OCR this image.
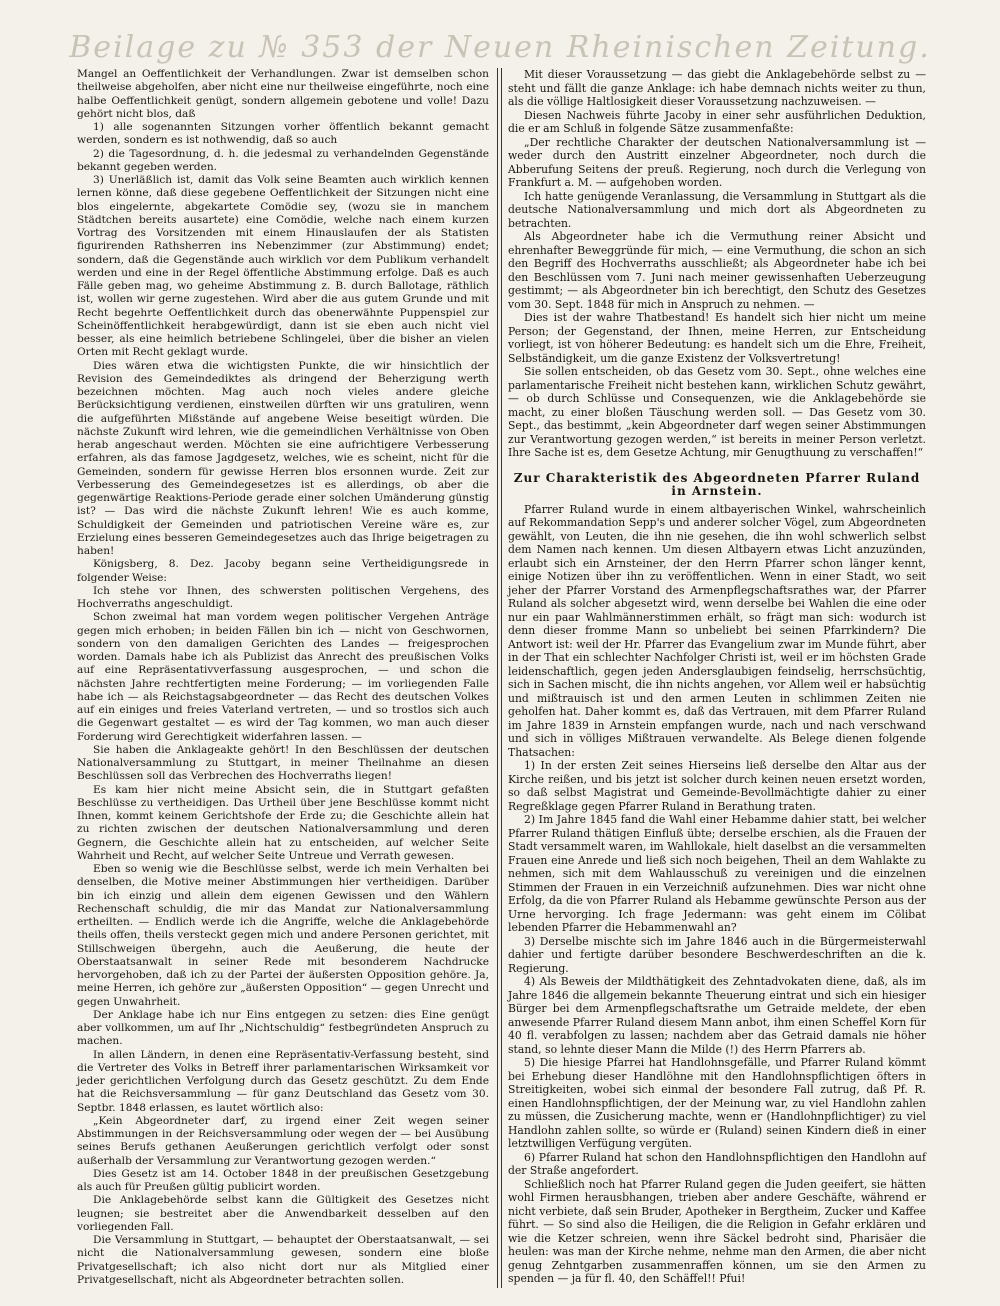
Beilage zu № 353 der Neuen Rheinischen Zeitung.

Mangel an Oeffentlichkeit der Verhandlungen. Zwar ist demselben schon theilweise abgeholfen, aber nicht eine nur theilweise eingeführte, noch eine halbe Oeffentlichkeit genügt, sondern allgemein gebotene und volle! Dazu gehört nicht blos, daß

1) alle sogenannten Sitzungen vorher öffentlich bekannt gemacht werden, sondern es ist nothwendig, daß so auch

2) die Tagesordnung, d. h. die jedesmal zu verhandelnden Gegenstände bekannt gegeben werden.

3) Unerläßlich ist, damit das Volk seine Beamten auch wirklich kennen lernen könne, daß diese gegebene Oeffentlichkeit der Sitzungen nicht eine blos eingelernte, abgekartete Comödie sey, (wozu sie in manchem Städtchen bereits ausartete) eine Comödie, welche nach einem kurzen Vortrag des Vorsitzenden mit einem Hinauslaufen der als Statisten figurirenden Rathsherren ins Nebenzimmer (zur Abstimmung) endet; sondern, daß die Gegenstände auch wirklich vor dem Publikum verhandelt werden und eine in der Regel öffentliche Abstimmung erfolge. Daß es auch Fälle geben mag, wo geheime Abstimmung z. B. durch Ballotage, räthlich ist, wollen wir gerne zugestehen. Wird aber die aus gutem Grunde und mit Recht begehrte Oeffentlichkeit durch das obenerwähnte Puppenspiel zur Scheinöffentlichkeit herabgewürdigt, dann ist sie eben auch nicht viel besser, als eine heimlich betriebene Schlingelei, über die bisher an vielen Orten mit Recht geklagt wurde.

Dies wären etwa die wichtigsten Punkte, die wir hinsichtlich der Revision des Gemeindediktes als dringend der Beherzigung werth bezeichnen möchten. Mag auch noch vieles andere gleiche Berücksichtigung verdienen, einstweilen dürften wir uns gratuliren, wenn die aufgeführten Mißstände auf angebene Weise beseitigt würden. Die nächste Zukunft wird lehren, wie die gemeindlichen Verhältnisse von Oben herab angeschaut werden. Möchten sie eine aufrichtigere Verbesserung erfahren, als das famose Jagdgesetz, welches, wie es scheint, nicht für die Gemeinden, sondern für gewisse Herren blos ersonnen wurde. Zeit zur Verbesserung des Gemeindegesetzes ist es allerdings, ob aber die gegenwärtige Reaktions-Periode gerade einer solchen Umänderung günstig ist? — Das wird die nächste Zukunft lehren! Wie es auch komme, Schuldigkeit der Gemeinden und patriotischen Vereine wäre es, zur Erzielung eines besseren Gemeindegesetzes auch das Ihrige beigetragen zu haben!

Königsberg, 8. Dez. Jacoby begann seine Vertheidigungsrede in folgender Weise:

Ich stehe vor Ihnen, des schwersten politischen Vergehens, des Hochverraths angeschuldigt.

Schon zweimal hat man vordem wegen politischer Vergehen Anträge gegen mich erhoben; in beiden Fällen bin ich — nicht von Geschwornen, sondern von den damaligen Gerichten des Landes — freigesprochen worden. Damals habe ich als Publizist das Anrecht des preußischen Volks auf eine Repräsentativverfassung ausgesprochen, — und schon die nächsten Jahre rechtfertigten meine Forderung; — im vorliegenden Falle habe ich — als Reichstagsabgeordneter — das Recht des deutschen Volkes auf ein einiges und freies Vaterland vertreten, — und so trostlos sich auch die Gegenwart gestaltet — es wird der Tag kommen, wo man auch dieser Forderung wird Gerechtigkeit widerfahren lassen. —

Sie haben die Anklageakte gehört! In den Beschlüssen der deutschen Nationalversammlung zu Stuttgart, in meiner Theilnahme an diesen Beschlüssen soll das Verbrechen des Hochverraths liegen!

Es kam hier nicht meine Absicht sein, die in Stuttgart gefaßten Beschlüsse zu vertheidigen. Das Urtheil über jene Beschlüsse kommt nicht Ihnen, kommt keinem Gerichtshofe der Erde zu; die Geschichte allein hat zu richten zwischen der deutschen Nationalversammlung und deren Gegnern, die Geschichte allein hat zu entscheiden, auf welcher Seite Wahrheit und Recht, auf welcher Seite Untreue und Verrath gewesen.

Eben so wenig wie die Beschlüsse selbst, werde ich mein Verhalten bei denselben, die Motive meiner Abstimmungen hier vertheidigen. Darüber bin ich einzig und allein dem eigenen Gewissen und den Wählern Rechenschaft schuldig, die mir das Mandat zur Nationalversammlung ertheilten. — Endlich werde ich die Angriffe, welche die Anklagebehörde theils offen, theils versteckt gegen mich und andere Personen gerichtet, mit Stillschweigen übergehn, auch die Aeußerung, die heute der Oberstaatsanwalt in seiner Rede mit besonderem Nachdrucke hervorgehoben, daß ich zu der Partei der äußersten Opposition gehöre. Ja, meine Herren, ich gehöre zur „äußersten Opposition“ — gegen Unrecht und gegen Unwahrheit.

Der Anklage habe ich nur Eins entgegen zu setzen: dies Eine genügt aber vollkommen, um auf Ihr „Nichtschuldig“ festbegründeten Anspruch zu machen.

In allen Ländern, in denen eine Repräsentativ-Verfassung besteht, sind die Vertreter des Volks in Betreff ihrer parlamentarischen Wirksamkeit vor jeder gerichtlichen Verfolgung durch das Gesetz geschützt. Zu dem Ende hat die Reichsversammlung — für ganz Deutschland das Gesetz vom 30. Septbr. 1848 erlassen, es lautet wörtlich also:

„Kein Abgeordneter darf, zu irgend einer Zeit wegen seiner Abstimmungen in der Reichsversammlung oder wegen der — bei Ausübung seines Berufs gethanen Aeußerungen gerichtlich verfolgt oder sonst außerhalb der Versammlung zur Verantwortung gezogen werden.“

Dies Gesetz ist am 14. October 1848 in der preußischen Gesetzgebung als auch für Preußen gültig publicirt worden.

Die Anklagebehörde selbst kann die Gültigkeit des Gesetzes nicht leugnen; sie bestreitet aber die Anwendbarkeit desselben auf den vorliegenden Fall.

Die Versammlung in Stuttgart, — behauptet der Oberstaatsanwalt, — sei nicht die Nationalversammlung gewesen, sondern eine bloße Privatgesellschaft; ich also nicht dort nur als Mitglied einer Privatgesellschaft, nicht als Abgeordneter betrachten sollen.

Mit dieser Voraussetzung — das giebt die Anklagebehörde selbst zu — steht und fällt die ganze Anklage: ich habe demnach nichts weiter zu thun, als die völlige Haltlosigkeit dieser Voraussetzung nachzuweisen. —

Diesen Nachweis führte Jacoby in einer sehr ausführlichen Deduktion, die er am Schluß in folgende Sätze zusammenfaßte:

„Der rechtliche Charakter der deutschen Nationalversammlung ist — weder durch den Austritt einzelner Abgeordneter, noch durch die Abberufung Seitens der preuß. Regierung, noch durch die Verlegung von Frankfurt a. M. — aufgehoben worden.

Ich hatte genügende Veranlassung, die Versammlung in Stuttgart als die deutsche Nationalversammlung und mich dort als Abgeordneten zu betrachten.

Als Abgeordneter habe ich die Vermuthung reiner Absicht und ehrenhafter Beweggründe für mich, — eine Vermuthung, die schon an sich den Begriff des Hochverraths ausschließt; als Abgeordneter habe ich bei den Beschlüssen vom 7. Juni nach meiner gewissenhaften Ueberzeugung gestimmt; — als Abgeordneter bin ich berechtigt, den Schutz des Gesetzes vom 30. Sept. 1848 für mich in Anspruch zu nehmen. —

Dies ist der wahre Thatbestand! Es handelt sich hier nicht um meine Person; der Gegenstand, der Ihnen, meine Herren, zur Entscheidung vorliegt, ist von höherer Bedeutung: es handelt sich um die Ehre, Freiheit, Selbständigkeit, um die ganze Existenz der Volksvertretung!

Sie sollen entscheiden, ob das Gesetz vom 30. Sept., ohne welches eine parlamentarische Freiheit nicht bestehen kann, wirklichen Schutz gewährt, — ob durch Schlüsse und Consequenzen, wie die Anklagebehörde sie macht, zu einer bloßen Täuschung werden soll. — Das Gesetz vom 30. Sept., das bestimmt, „kein Abgeordneter darf wegen seiner Abstimmungen zur Verantwortung gezogen werden,“ ist bereits in meiner Person verletzt. Ihre Sache ist es, dem Gesetze Achtung, mir Genugthuung zu verschaffen!“

Zur Charakteristik des Abgeordneten Pfarrer Ruland in Arnstein.

Pfarrer Ruland wurde in einem altbayerischen Winkel, wahrscheinlich auf Rekommandation Sepp's und anderer solcher Vögel, zum Abgeordneten gewählt, von Leuten, die ihn nie gesehen, die ihn wohl schwerlich selbst dem Namen nach kennen. Um diesen Altbayern etwas Licht anzuzünden, erlaubt sich ein Arnsteiner, der den Herrn Pfarrer schon länger kennt, einige Notizen über ihn zu veröffentlichen. Wenn in einer Stadt, wo seit jeher der Pfarrer Vorstand des Armenpflegschaftsrathes war, der Pfarrer Ruland als solcher abgesetzt wird, wenn derselbe bei Wahlen die eine oder nur ein paar Wahlmännerstimmen erhält, so frägt man sich: wodurch ist denn dieser fromme Mann so unbeliebt bei seinen Pfarrkindern? Die Antwort ist: weil der Hr. Pfarrer das Evangelium zwar im Munde führt, aber in der That ein schlechter Nachfolger Christi ist, weil er im höchsten Grade leidenschaftlich, gegen jeden Andersglaubigen feindselig, herrschsüchtig, sich in Sachen mischt, die ihn nichts angehen, vor Allem weil er habsüchtig und mißtrauisch ist und den armen Leuten in schlimmen Zeiten nie geholfen hat. Daher kommt es, daß das Vertrauen, mit dem Pfarrer Ruland im Jahre 1839 in Arnstein empfangen wurde, nach und nach verschwand und sich in völliges Mißtrauen verwandelte. Als Belege dienen folgende Thatsachen:

1) In der ersten Zeit seines Hierseins ließ derselbe den Altar aus der Kirche reißen, und bis jetzt ist solcher durch keinen neuen ersetzt worden, so daß selbst Magistrat und Gemeinde-Bevollmächtigte dahier zu einer Regreßklage gegen Pfarrer Ruland in Berathung traten.

2) Im Jahre 1845 fand die Wahl einer Hebamme dahier statt, bei welcher Pfarrer Ruland thätigen Einfluß übte; derselbe erschien, als die Frauen der Stadt versammelt waren, im Wahllokale, hielt daselbst an die versammelten Frauen eine Anrede und ließ sich noch beigehen, Theil an dem Wahlakte zu nehmen, sich mit dem Wahlausschuß zu vereinigen und die einzelnen Stimmen der Frauen in ein Verzeichniß aufzunehmen. Dies war nicht ohne Erfolg, da die von Pfarrer Ruland als Hebamme gewünschte Person aus der Urne hervorging. Ich frage Jedermann: was geht einem im Cölibat lebenden Pfarrer die Hebammenwahl an?

3) Derselbe mischte sich im Jahre 1846 auch in die Bürgermeisterwahl dahier und fertigte darüber besondere Beschwerdeschriften an die k. Regierung.

4) Als Beweis der Mildthätigkeit des Zehntadvokaten diene, daß, als im Jahre 1846 die allgemein bekannte Theuerung eintrat und sich ein hiesiger Bürger bei dem Armenpflegschaftsrathe um Getraide meldete, der eben anwesende Pfarrer Ruland diesem Mann anbot, ihm einen Scheffel Korn für 40 fl. verabfolgen zu lassen; nachdem aber das Getraid damals nie höher stand, so lehnte dieser Mann die Milde (!) des Herrn Pfarrers ab.

5) Die hiesige Pfarrei hat Handlohnsgefälle, und Pfarrer Ruland kömmt bei Erhebung dieser Handlöhne mit den Handlohnspflichtigen öfters in Streitigkeiten, wobei sich einmal der besondere Fall zutrug, daß Pf. R. einen Handlohnspflichtigen, der der Meinung war, zu viel Handlohn zahlen zu müssen, die Zusicherung machte, wenn er (Handlohnpflichtiger) zu viel Handlohn zahlen sollte, so würde er (Ruland) seinen Kindern dieß in einer letztwilligen Verfügung vergüten.

6) Pfarrer Ruland hat schon den Handlohnspflichtigen den Handlohn auf der Straße angefordert.

Schließlich noch hat Pfarrer Ruland gegen die Juden geeifert, sie hätten wohl Firmen herausbhangen, trieben aber andere Geschäfte, während er nicht verbiete, daß sein Bruder, Apotheker in Bergtheim, Zucker und Kaffee führt. — So sind also die Heiligen, die die Religion in Gefahr erklären und wie die Ketzer schreien, wenn ihre Säckel bedroht sind, Pharisäer die heulen: was man der Kirche nehme, nehme man den Armen, die aber nicht genug Zehntgarben zusammenraffen können, um sie den Armen zu spenden — ja für fl. 40, den Schäffel!! Pfui!
